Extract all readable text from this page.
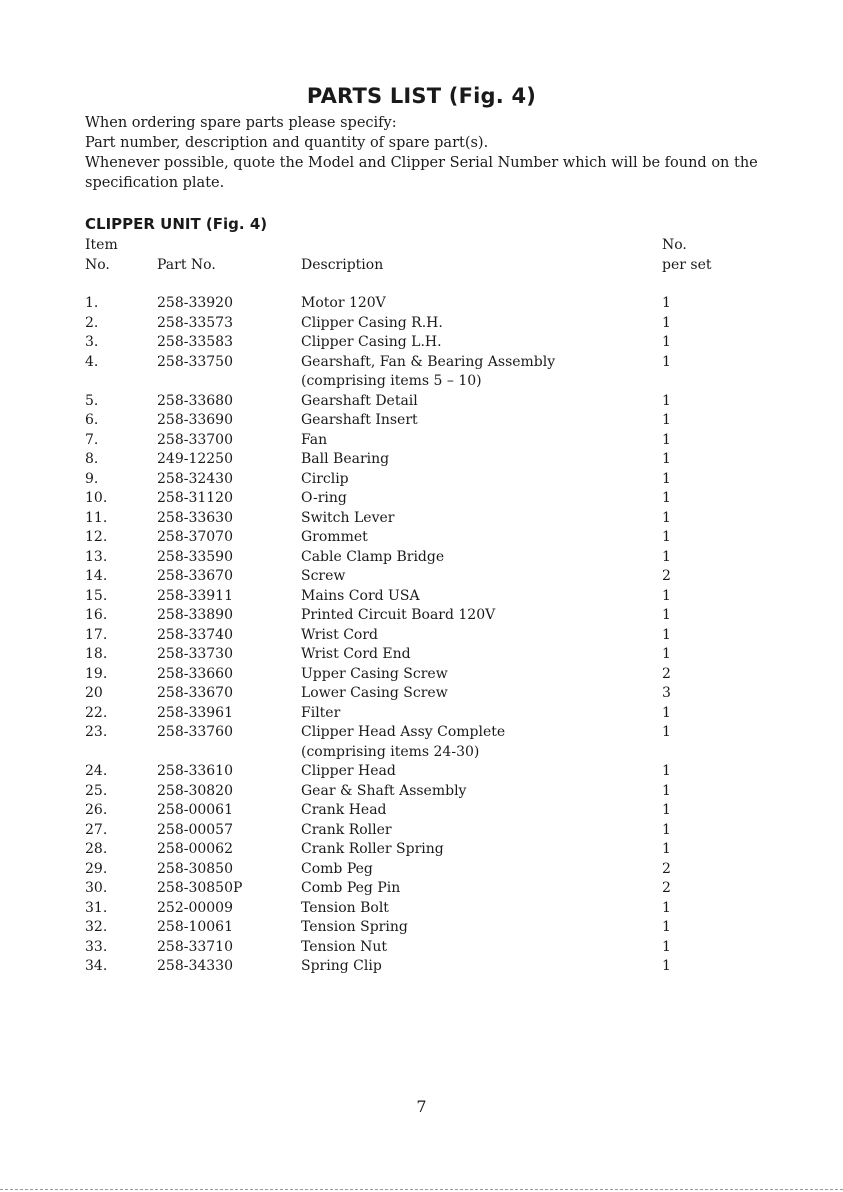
PARTS LIST (Fig. 4)
When ordering spare parts please specify:
Part number, description and quantity of spare part(s).
Whenever possible, quote the Model and Clipper Serial Number which will be found on the
specification plate.
CLIPPER UNIT (Fig. 4)
Item	No.
No.	Part No.	Description	per set
1.	258-33920	Motor 120V	1
2.	258-33573	Clipper Casing R.H.	1
3.	258-33583	Clipper Casing L.H.	1
4.	258-33750	Gearshaft, Fan & Bearing Assembly	1
(comprising items 5 – 10)
5.	258-33680	Gearshaft Detail	1
6.	258-33690	Gearshaft Insert	1
7.	258-33700	Fan	1
8.	249-12250	Ball Bearing	1
9.	258-32430	Circlip	1
10.	258-31120	O-ring	1
11.	258-33630	Switch Lever	1
12.	258-37070	Grommet	1
13.	258-33590	Cable Clamp Bridge	1
14.	258-33670	Screw	2
15.	258-33911	Mains Cord USA	1
16.	258-33890	Printed Circuit Board 120V	1
17.	258-33740	Wrist Cord	1
18.	258-33730	Wrist Cord End	1
19.	258-33660	Upper Casing Screw	2
20	258-33670	Lower Casing Screw	3
22.	258-33961	Filter	1
23.	258-33760	Clipper Head Assy Complete	1
(comprising items 24-30)
24.	258-33610	Clipper Head	1
25.	258-30820	Gear & Shaft Assembly	1
26.	258-00061	Crank Head	1
27.	258-00057	Crank Roller	1
28.	258-00062	Crank Roller Spring	1
29.	258-30850	Comb Peg	2
30.	258-30850P	Comb Peg Pin	2
31.	252-00009	Tension Bolt	1
32.	258-10061	Tension Spring	1
33.	258-33710	Tension Nut	1
34.	258-34330	Spring Clip	1
7
